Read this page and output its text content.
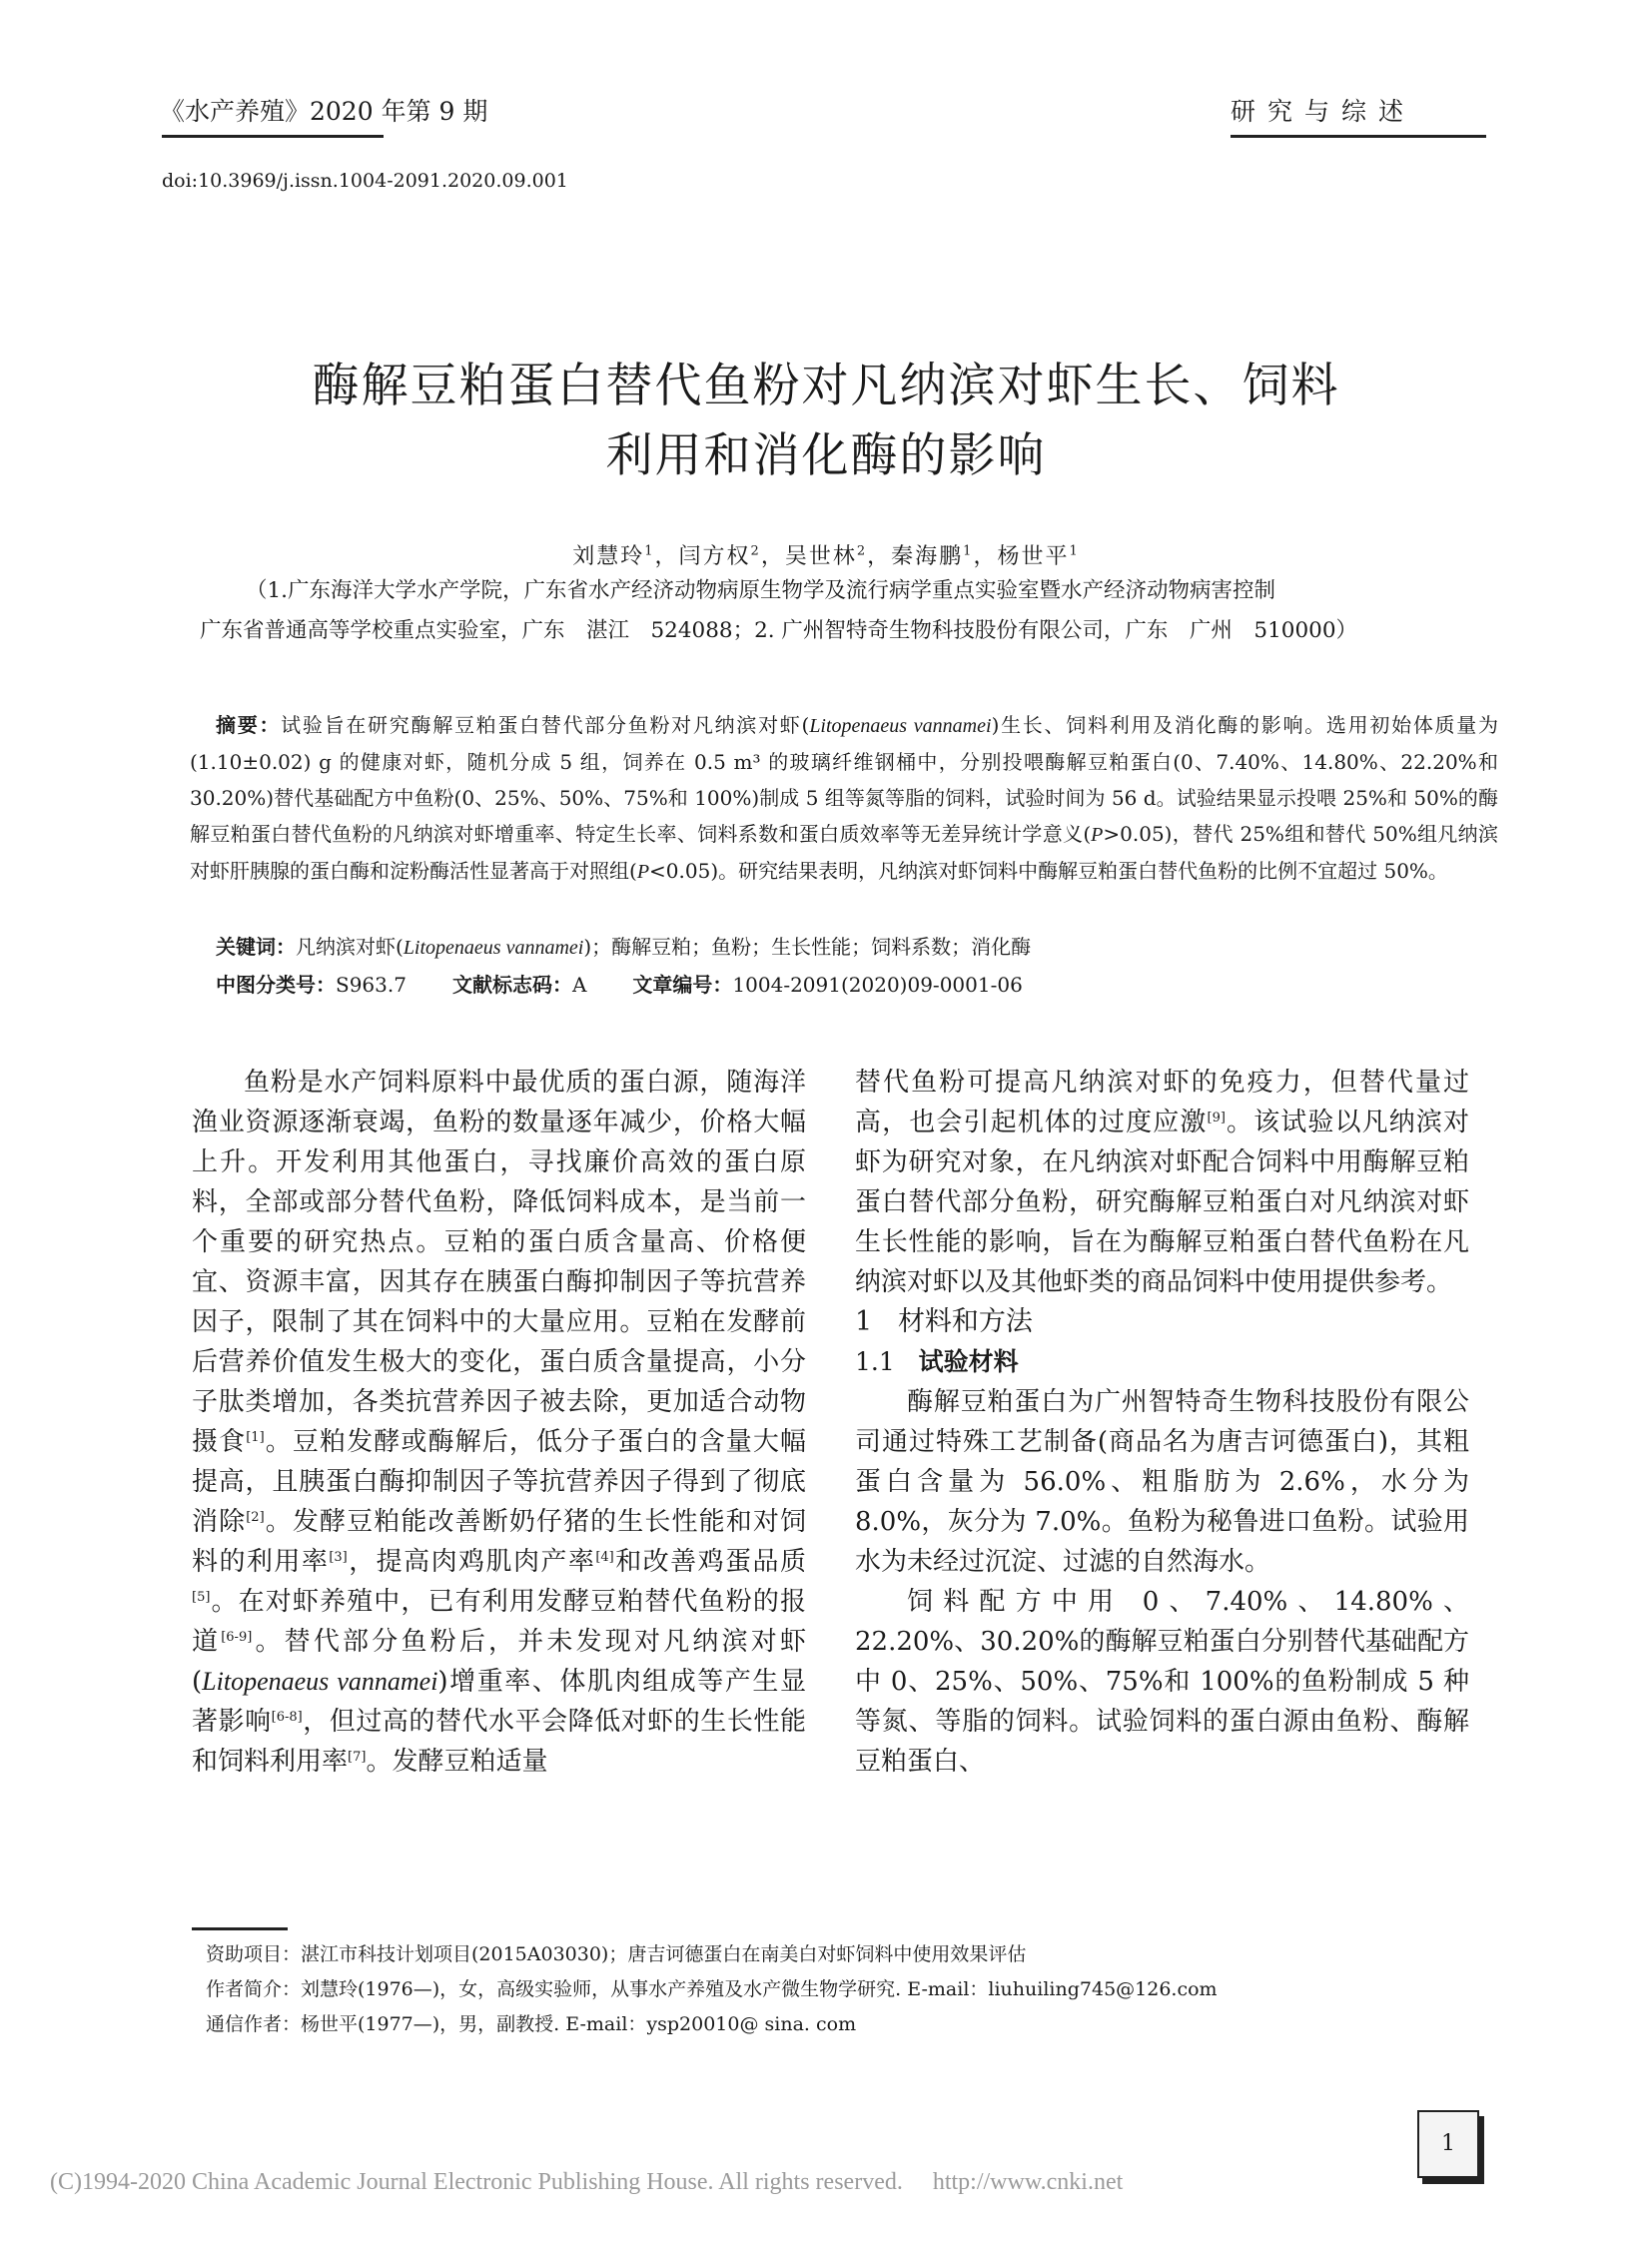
《水产养殖》2020 年第 9 期	研究与综述
doi:10.3969/j.issn.1004-2091.2020.09.001
酶解豆粕蛋白替代鱼粉对凡纳滨对虾生长、饲料
利用和消化酶的影响
刘慧玲$^1$，闫方权$^2$，吴世林$^2$，秦海鹏$^1$，杨世平$^1$
（1.广东海洋大学水产学院，广东省水产经济动物病原生物学及流行病学重点实验室暨水产经济动物病害控制
广东省普通高等学校重点实验室，广东　湛江　524088；2. 广州智特奇生物科技股份有限公司，广东　广州　510000）
摘要：试验旨在研究酶解豆粕蛋白替代部分鱼粉对凡纳滨对虾(Litopenaeus vannamei)生长、饲料利用及消化酶的影响。选用初始体质量为(1.10±0.02) g 的健康对虾，随机分成 5 组，饲养在 0.5 m³ 的玻璃纤维钢桶中，分别投喂酶解豆粕蛋白(0、7.40%、14.80%、22.20%和 30.20%)替代基础配方中鱼粉(0、25%、50%、75%和 100%)制成 5 组等氮等脂的饲料，试验时间为 56 d。试验结果显示投喂 25%和 50%的酶解豆粕蛋白替代鱼粉的凡纳滨对虾增重率、特定生长率、饲料系数和蛋白质效率等无差异统计学意义(P>0.05)，替代 25%组和替代 50%组凡纳滨对虾肝胰腺的蛋白酶和淀粉酶活性显著高于对照组(P<0.05)。研究结果表明，凡纳滨对虾饲料中酶解豆粕蛋白替代鱼粉的比例不宜超过 50%。
关键词：凡纳滨对虾(Litopenaeus vannamei)；酶解豆粕；鱼粉；生长性能；饲料系数；消化酶
中图分类号：S963.7 文献标志码：A 文章编号：1004-2091(2020)09-0001-06

鱼粉是水产饲料原料中最优质的蛋白源，随海洋渔业资源逐渐衰竭，鱼粉的数量逐年减少，价格大幅上升。开发利用其他蛋白，寻找廉价高效的蛋白原料，全部或部分替代鱼粉，降低饲料成本，是当前一个重要的研究热点。豆粕的蛋白质含量高、价格便宜、资源丰富，因其存在胰蛋白酶抑制因子等抗营养因子，限制了其在饲料中的大量应用。豆粕在发酵前后营养价值发生极大的变化，蛋白质含量提高，小分子肽类增加，各类抗营养因子被去除，更加适合动物摄食[1]。豆粕发酵或酶解后，低分子蛋白的含量大幅提高，且胰蛋白酶抑制因子等抗营养因子得到了彻底消除[2]。发酵豆粕能改善断奶仔猪的生长性能和对饲料的利用率[3]，提高肉鸡肌肉产率[4]和改善鸡蛋品质[5]。在对虾养殖中，已有利用发酵豆粕替代鱼粉的报道[6-9]。替代部分鱼粉后，并未发现对凡纳滨对虾(Litopenaeus vannamei)增重率、体肌肉组成等产生显著影响[6-8]，但过高的替代水平会降低对虾的生长性能和饲料利用率[7]。发酵豆粕适量

替代鱼粉可提高凡纳滨对虾的免疫力，但替代量过高，也会引起机体的过度应激[9]。该试验以凡纳滨对虾为研究对象，在凡纳滨对虾配合饲料中用酶解豆粕蛋白替代部分鱼粉，研究酶解豆粕蛋白对凡纳滨对虾生长性能的影响，旨在为酶解豆粕蛋白替代鱼粉在凡纳滨对虾以及其他虾类的商品饲料中使用提供参考。

1 材料和方法

1.1 试验材料

酶解豆粕蛋白为广州智特奇生物科技股份有限公司通过特殊工艺制备(商品名为唐吉诃德蛋白)，其粗蛋白含量为 56.0%、粗脂肪为 2.6%，水分为 8.0%，灰分为 7.0%。鱼粉为秘鲁进口鱼粉。试验用水为未经过沉淀、过滤的自然海水。

饲料配方中用 0、7.40%、14.80%、22.20%、30.20%的酶解豆粕蛋白分别替代基础配方中 0、25%、50%、75%和 100%的鱼粉制成 5 种等氮、等脂的饲料。试验饲料的蛋白源由鱼粉、酶解豆粕蛋白、

资助项目：湛江市科技计划项目(2015A03030)；唐吉诃德蛋白在南美白对虾饲料中使用效果评估
作者简介：刘慧玲(1976—)，女，高级实验师，从事水产养殖及水产微生物学研究. E-mail：liuhuiling745@126.com
通信作者：杨世平(1977—)，男，副教授. E-mail：ysp20010@ sina. com
1
(C)1994-2020 China Academic Journal Electronic Publishing House. All rights reserved.　 http://www.cnki.net
